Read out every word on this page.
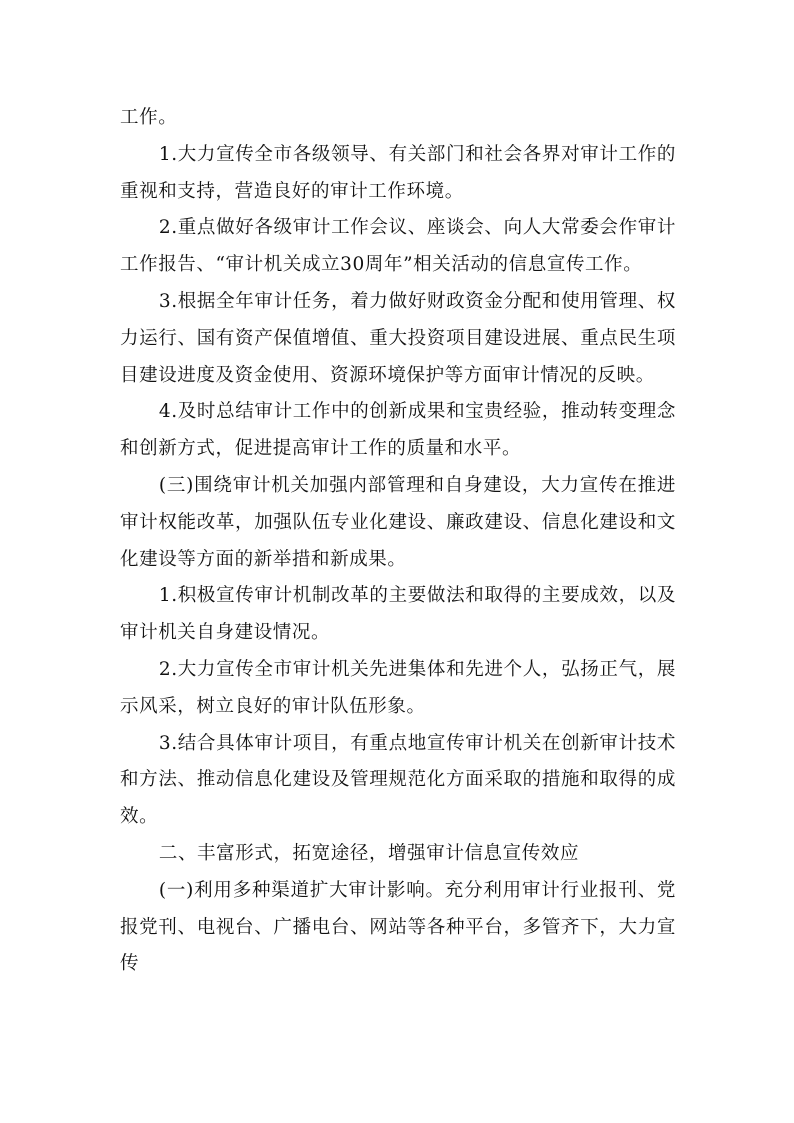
工作。

1.大力宣传全市各级领导、有关部门和社会各界对审计工作的重视和支持，营造良好的审计工作环境。

2.重点做好各级审计工作会议、座谈会、向人大常委会作审计工作报告、“审计机关成立30周年”相关活动的信息宣传工作。

3.根据全年审计任务，着力做好财政资金分配和使用管理、权力运行、国有资产保值增值、重大投资项目建设进展、重点民生项目建设进度及资金使用、资源环境保护等方面审计情况的反映。

4.及时总结审计工作中的创新成果和宝贵经验，推动转变理念和创新方式，促进提高审计工作的质量和水平。

(三)围绕审计机关加强内部管理和自身建设，大力宣传在推进审计权能改革，加强队伍专业化建设、廉政建设、信息化建设和文化建设等方面的新举措和新成果。

1.积极宣传审计机制改革的主要做法和取得的主要成效，以及审计机关自身建设情况。

2.大力宣传全市审计机关先进集体和先进个人，弘扬正气，展示风采，树立良好的审计队伍形象。

3.结合具体审计项目，有重点地宣传审计机关在创新审计技术和方法、推动信息化建设及管理规范化方面采取的措施和取得的成效。

二、丰富形式，拓宽途径，增强审计信息宣传效应

(一)利用多种渠道扩大审计影响。充分利用审计行业报刊、党报党刊、电视台、广播电台、网站等各种平台，多管齐下，大力宣传
